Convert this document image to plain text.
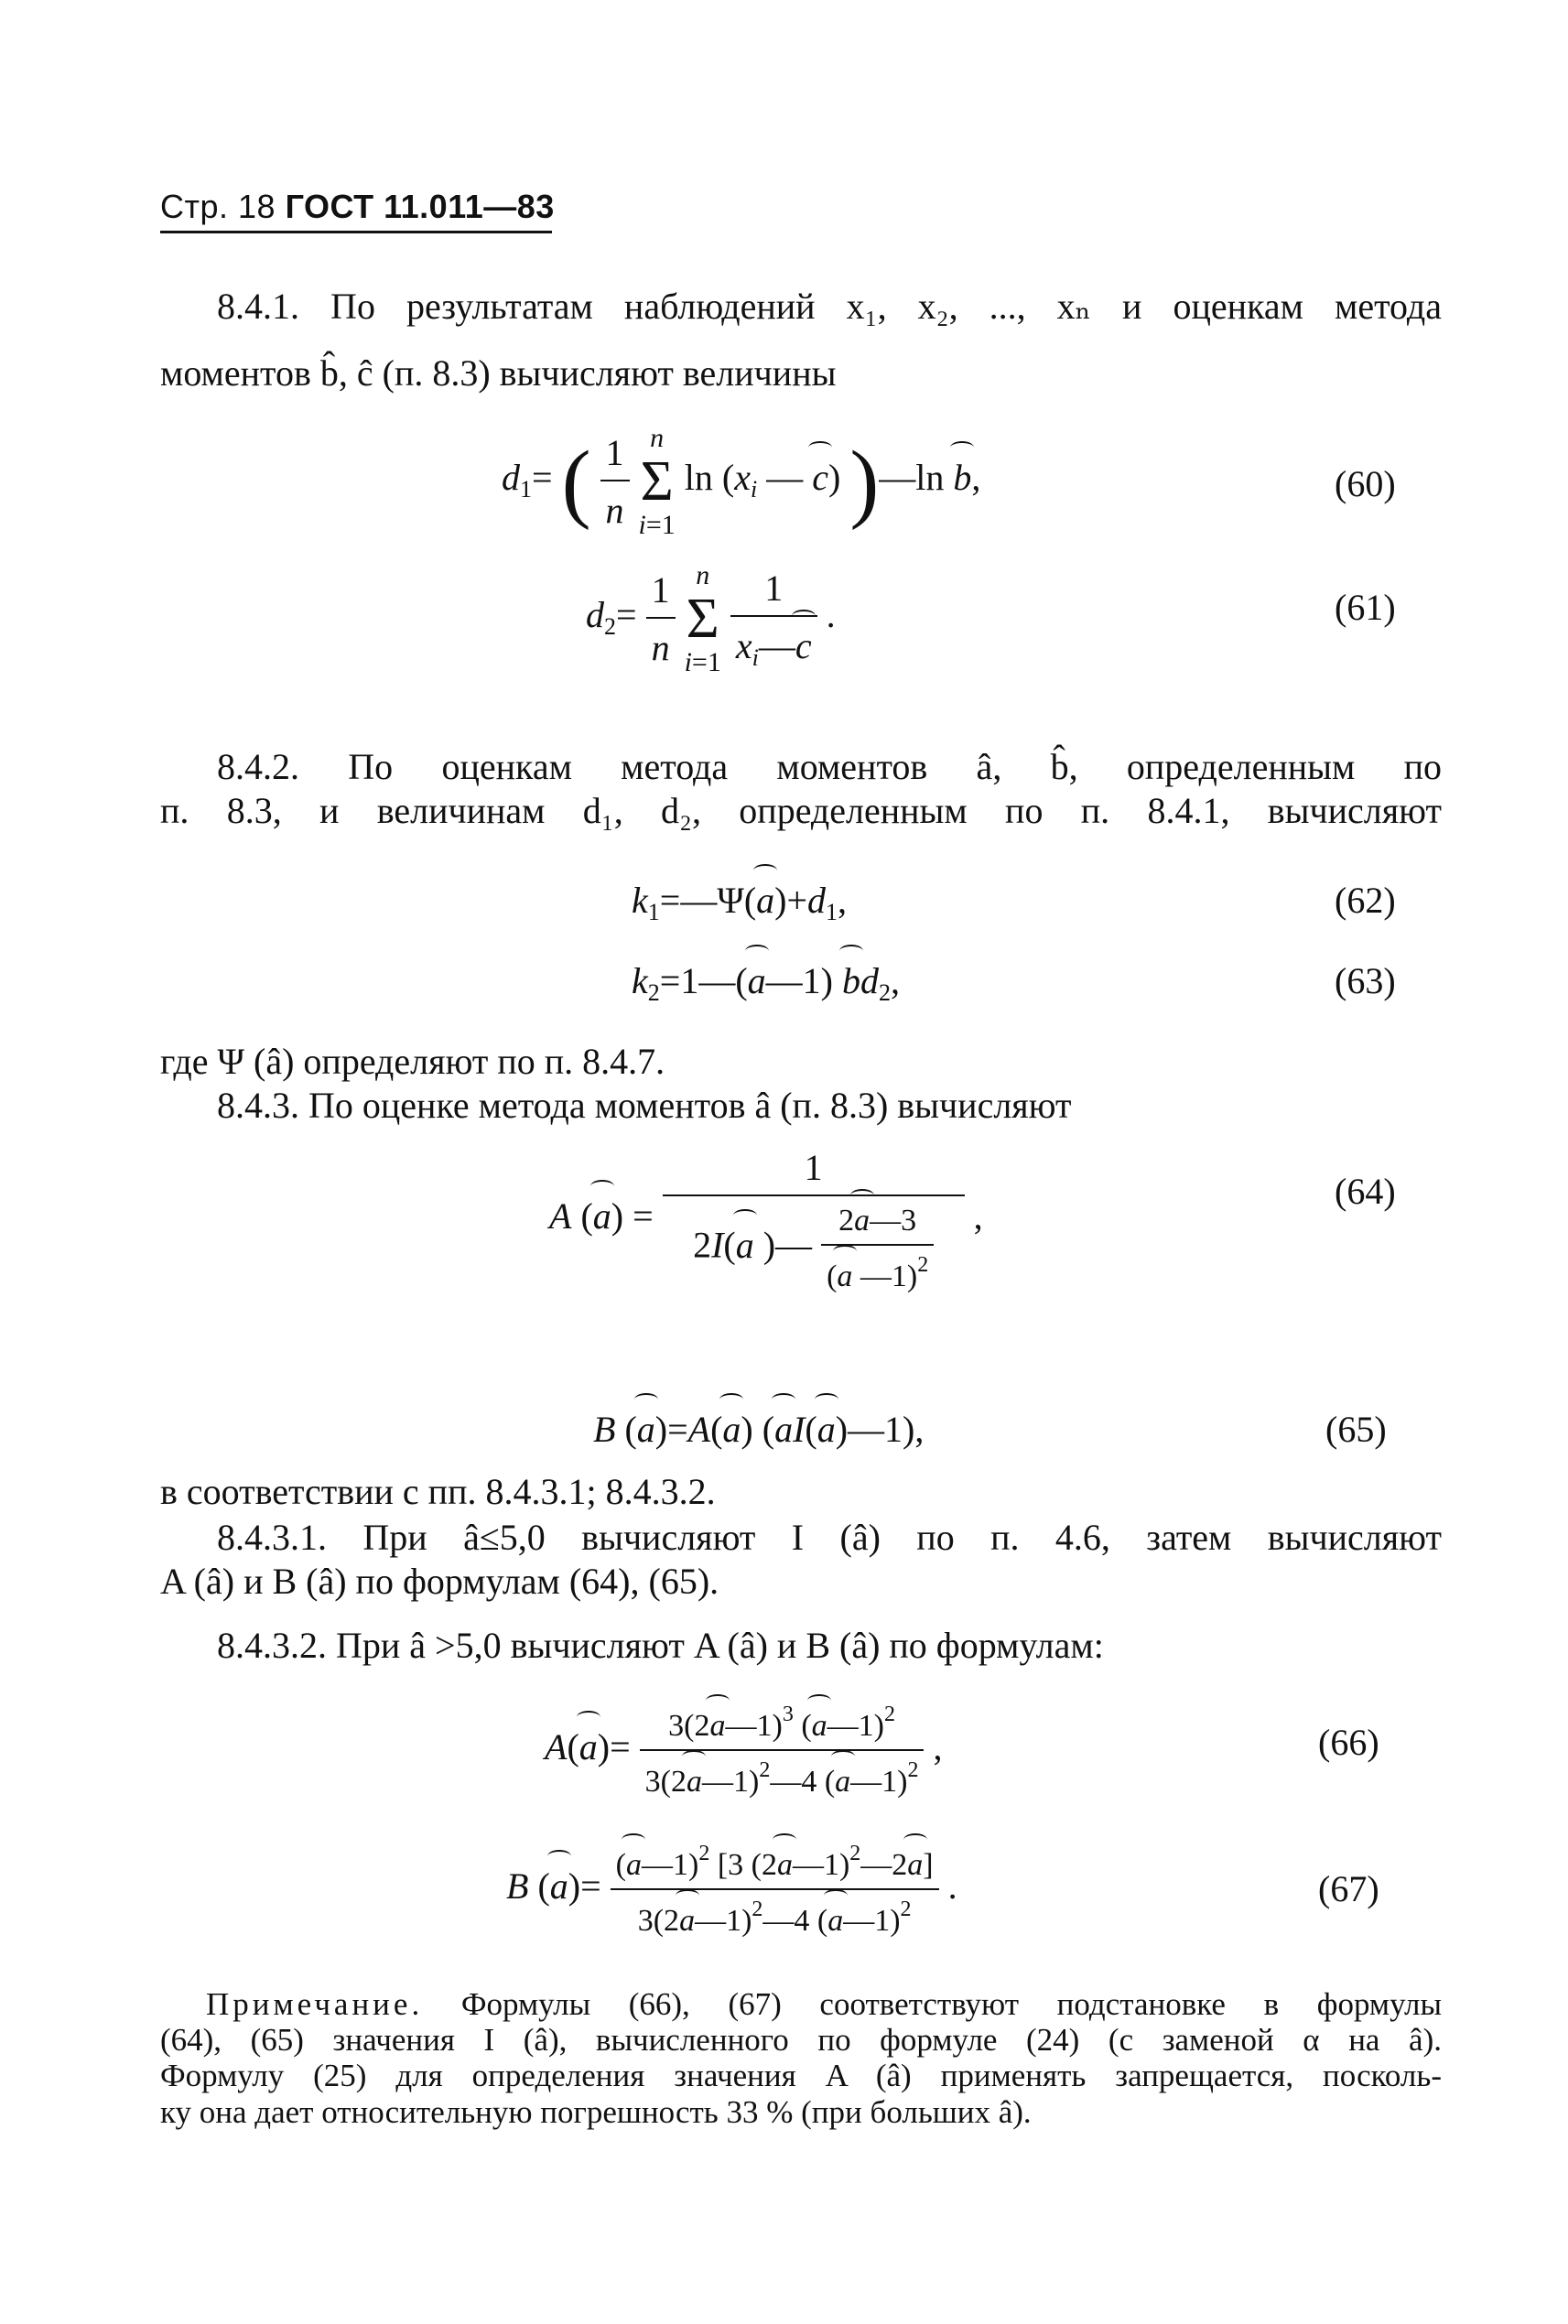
Стр. 18 ГОСТ 11.011—83
8.4.1. По результатам наблюдений x₁, x₂, ..., xₙ и оценкам метода
моментов b̂, ĉ (п. 8.3) вычисляют величины
$d_1=$ ( $\frac{1}{n}$ n
Σ
i=1 $\ln (x_i$ — c) )—ln b,	(60)
$d_2= \frac{1}{n}$ n
Σ
$i=1 \frac{1}{x_i—c}$ .	(61)
8.4.2. По оценкам метода моментов â, b̂, определенным по
п. 8.3, и величинам d₁, d₂, определенным по п. 8.4.1, вычисляют
$k_1=—\Psi(a)+d_1$,	(62)
$k_2=1—(a—1)$ $bd_2$,	(63)
где Ψ (â) определяют по п. 8.4.7.
8.4.3. По оценке метода моментов â (п. 8.3) вычисляют
A $(a) = \frac{1}{2I(a )— \frac{2a—3}{(a —1)^2}}$ ,
(64)
B (a)=A(a) (aI(a)—1),	(65)
в соответствии с пп. 8.4.3.1; 8.4.3.2.
8.4.3.1. При â≤5,0 вычисляют I (â) по п. 4.6, затем вычисляют
A (â) и B (â) по формулам (64), (65).
8.4.3.2. При â >5,0 вычисляют A (â) и B (â) по формулам:
$A(a)= \frac{3(2a—1)^3 (a—1)^2}{3(2a—1)^2—4 (a—1)^2}$ ,	(66)
B $(a)= \frac{(a—1)^2 [3 (2a—1)^2—2a]}{3(2a—1)^2—4 (a—1)^2}$ .	(67)
Примечание. Формулы (66), (67) соответствуют подстановке в формулы
(64), (65) значения I (â), вычисленного по формуле (24) (с заменой α на â).
Формулу (25) для определения значения A (â) применять запрещается, посколь-
ку она дает относительную погрешность 33 % (при больших â).
